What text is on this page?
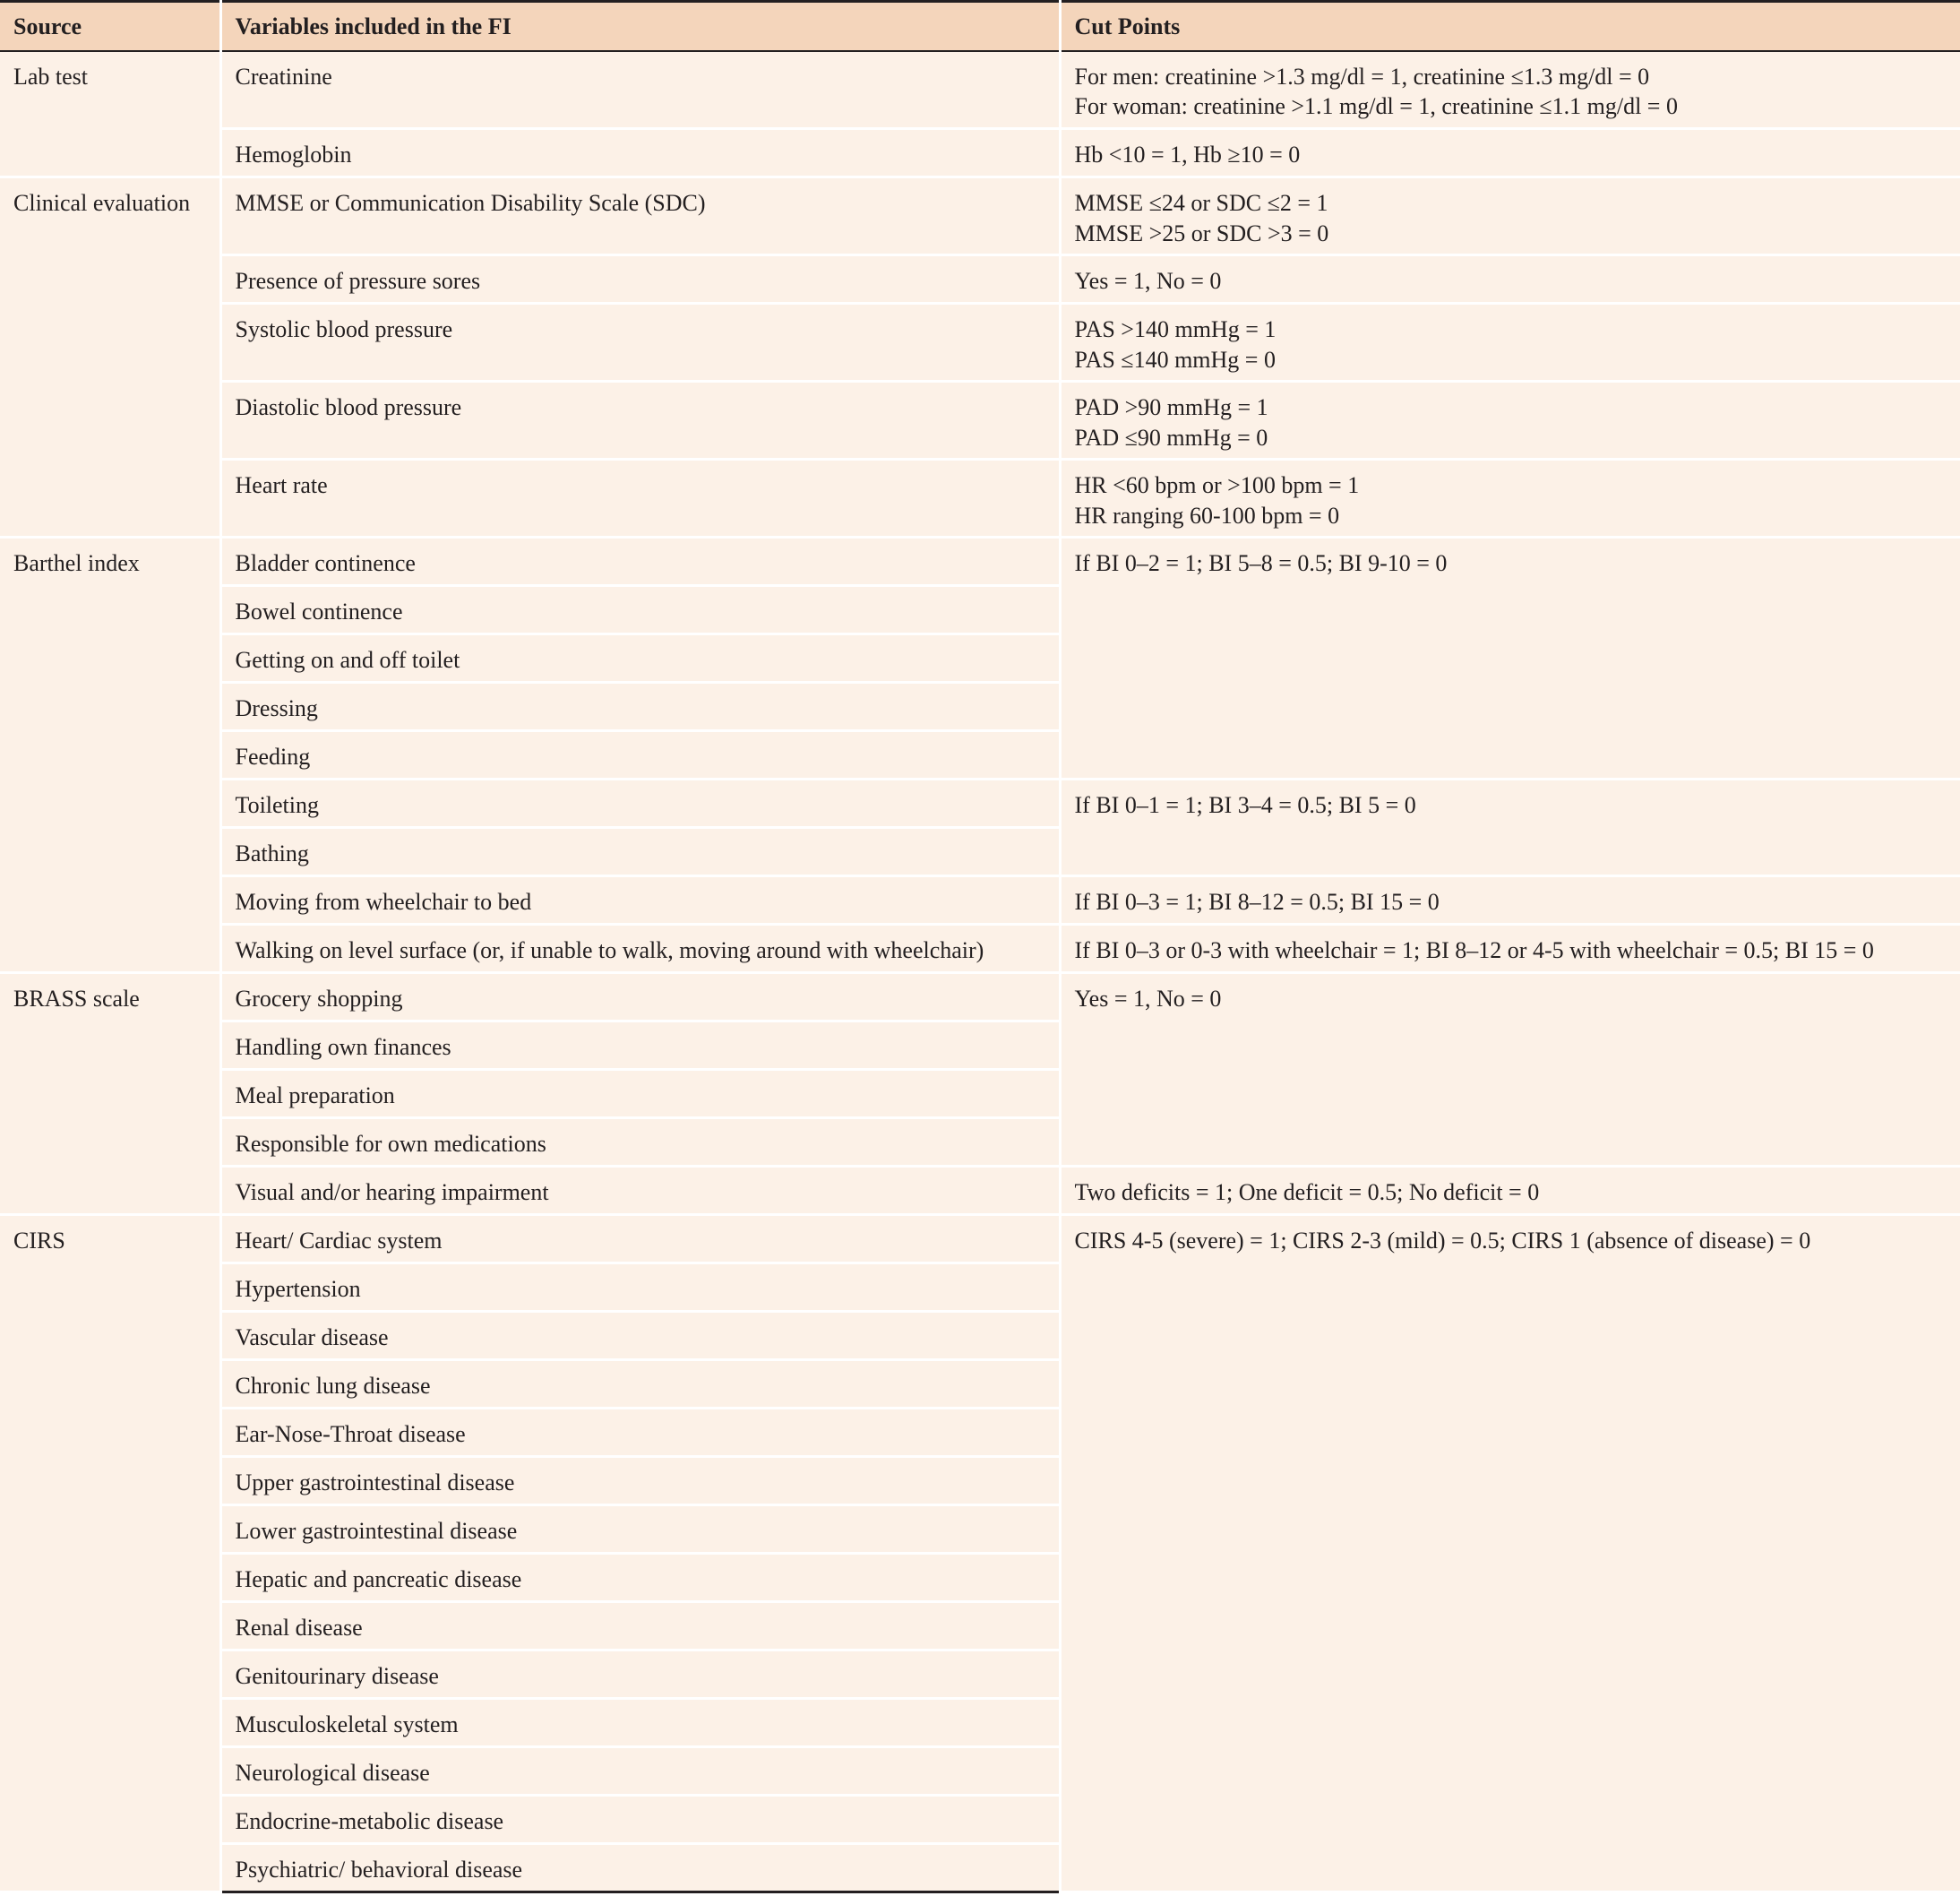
Source	Variables included in the FI	Cut Points
Lab test	Creatinine	For men: creatinine >1.3 mg/dl = 1, creatinine ≤1.3 mg/dl = 0
For woman: creatinine >1.1 mg/dl = 1, creatinine ≤1.1 mg/dl = 0

	Hemoglobin	Hb <10 = 1, Hb ≥10 = 0

Clinical evaluation	MMSE or Communication Disability Scale (SDC)	MMSE ≤24 or SDC ≤2 = 1
MMSE >25 or SDC >3 = 0

	Presence of pressure sores	Yes = 1, No = 0

	Systolic blood pressure	PAS >140 mmHg = 1
PAS ≤140 mmHg = 0

	Diastolic blood pressure	PAD >90 mmHg = 1
PAD ≤90 mmHg = 0

	Heart rate	HR <60 bpm or >100 bpm = 1
HR ranging 60-100 bpm = 0

Barthel index	Bladder continence	If BI 0–2 = 1; BI 5–8 = 0.5; BI 9-10 = 0

	Bowel continence	
	Getting on and off toilet	
	Dressing	
	Feeding	
	Toileting	If BI 0–1 = 1; BI 3–4 = 0.5; BI 5 = 0

	Bathing	
	Moving from wheelchair to bed	If BI 0–3 = 1; BI 8–12 = 0.5; BI 15 = 0

	Walking on level surface (or, if unable to walk, moving around with wheelchair)	If BI 0–3 or 0-3 with wheelchair = 1; BI 8–12 or 4-5 with wheelchair = 0.5; BI 15 = 0

BRASS scale	Grocery shopping	Yes = 1, No = 0

	Handling own finances	
	Meal preparation	
	Responsible for own medications	
	Visual and/or hearing impairment	Two deficits = 1; One deficit = 0.5; No deficit = 0

CIRS	Heart/ Cardiac system	CIRS 4-5 (severe) = 1; CIRS 2-3 (mild) = 0.5; CIRS 1 (absence of disease) = 0

	Hypertension	
	Vascular disease	
	Chronic lung disease	
	Ear-Nose-Throat disease	
	Upper gastrointestinal disease	
	Lower gastrointestinal disease	
	Hepatic and pancreatic disease	
	Renal disease	
	Genitourinary disease	
	Musculoskeletal system	
	Neurological disease	
	Endocrine-metabolic disease	
	Psychiatric/ behavioral disease	
